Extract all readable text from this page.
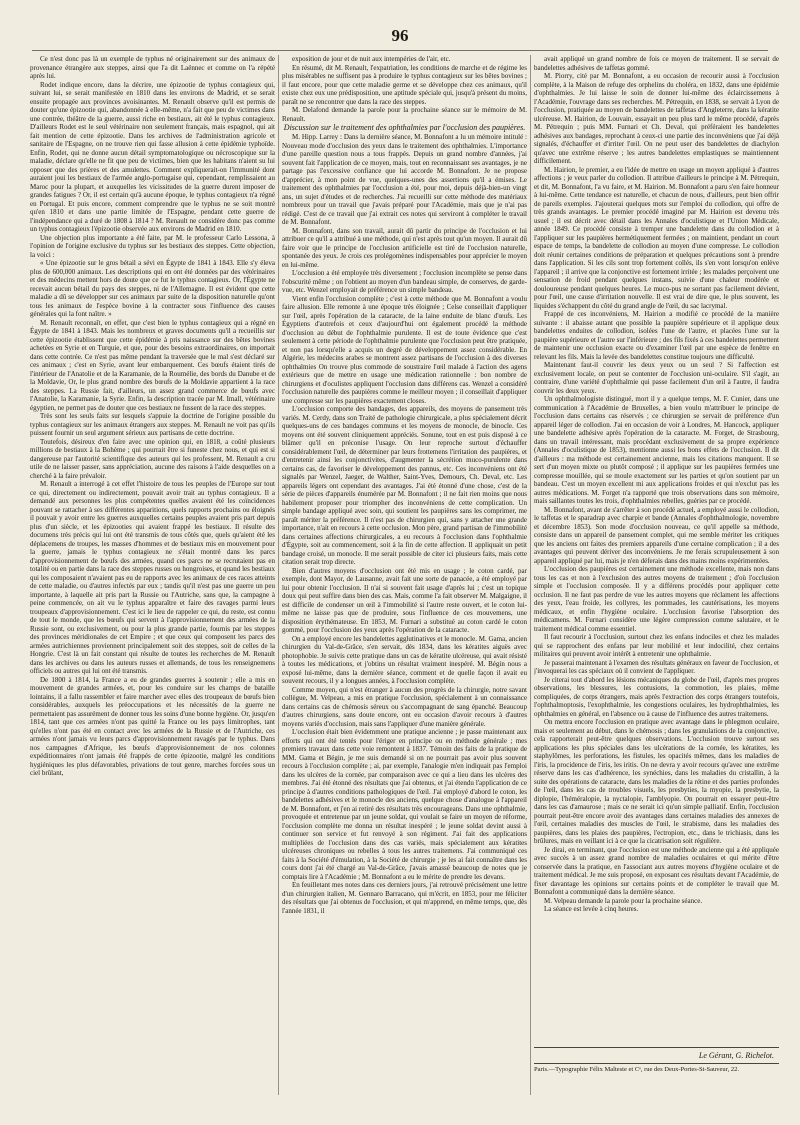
96

Ce n'est donc pas là un exemple de typhus né originairement sur des animaux de provenance étrangère aux steppes, ainsi que l'a dit Laënnec et comme on l'a répété après lui.

Rodet indique encore, dans la décrire, une épizootie de typhus contagieux qui, suivant lui, se serait manifestée en 1810 dans les environs de Madrid, et se serait ensuite propagée aux provinces avoisinantes. M. Renault observe qu'il est permis de douter qu'une épizootie qui, abandonnée à elle-même, n'a fait que peu de victimes dans une contrée, théâtre de la guerre, aussi riche en bestiaux, ait été le typhus contagieux. D'ailleurs Rodet est le seul vétérinaire non seulement français, mais espagnol, qui ait fait mention de cette épizootie. Dans les archives de l'administration agricole et sanitaire de l'Espagne, on ne trouve rien qui fasse allusion à cette épidémie typhoïde. Enfin, Rodet, qui ne donne aucun détail symptomatologique ou nécroscopique sur la maladie, déclare qu'elle ne fit que peu de victimes, bien que les habitans n'aient su lui opposer que des prières et des amulettes. Comment expliquerait-on l'immunité dont auraient joui les bestiaux de l'armée anglo-portugaise qui, cependant, remplissaient au Maroc pour la plupart, et auxquelles les vicissitudes de la guerre durent imposer de grandes fatigues ? Or, il est certain qu'à aucune époque, le typhus contagieux n'a régné en Portugal. Et puis encore, comment comprendre que le typhus ne se soit montré qu'en 1810 et dans une partie limitée de l'Espagne, pendant cette guerre de l'indépendance qui a duré de 1808 à 1814 ? M. Renault ne considère donc pas comme un typhus contagieux l'épizootie observée aux environs de Madrid en 1810.

Une objection plus importante a été faite, par M. le professeur Carlo Lessona, à l'opinion de l'origine exclusive du typhus sur les bestiaux des steppes. Cette objection, la voici :

« Une épizootie sur le gros bétail a sévi en Égypte de 1841 à 1843. Elle s'y éleva plus de 600,000 animaux. Les descriptions qui en ont été données par des vétérinaires et des médecins mettent hors de doute que ce fut le typhus contagieux. Or, l'Égypte ne recevait aucun bétail du pays des steppes, ni de l'Allemagne. Il est évident que cette maladie a dû se développer sur ces animaux par suite de la disposition naturelle qu'ont tous les animaux de l'espèce bovine à la contracter sous l'influence des causes générales qui la font naître. »

M. Renault reconnaît, en effet, que c'est bien le typhus contagieux qui a régné en Égypte de 1841 à 1843. Mais les nombreux et graves documents qu'il a recueillis sur cette épizootie établissent que cette épidémie à pris naissance sur des bêtes bovines achetées en Syrie et en Turquie, et que, pour des besoins extraordinaires, on importait dans cette contrée. Ce n'est pas même pendant la traversée que le mal s'est déclaré sur ces animaux ; c'est en Syrie, avant leur embarquement. Ces bœufs étaient tirés de l'intérieur de l'Anatolie et de la Karamanie, de la Roumélie, des bords du Danube et de la Moldavie, Or, le plus grand nombre des bœufs de la Moldavie appartient à la race des steppes. La Russie fait, d'ailleurs, un assez grand commerce de bœufs avec l'Anatolie, la Karamanie, la Syrie. Enfin, la description tracée par M. Imall, vétérinaire égyptien, ne permet pas de douter que ces bestiaux ne fussent de la race des steppes.

Très sont les seuls faits sur lesquels s'appuie la doctrine de l'origine possible du typhus contagieux sur les animaux étrangers aux steppes. M. Renault ne voit pas qu'ils puissent fournir un seul argument sérieux aux partisans de cette doctrine.

Toutefois, désireux d'en faire avec une opinion qui, en 1818, a coûté plusieurs millions de bestiaux à la Bohème ; qui pourrait être si funeste chez nous, et qui est si dangereuse par l'autorité scientifique des auteurs qui les professent, M. Renault a cru utile de ne laisser passer, sans appréciation, aucune des raisons à l'aide desquelles on a cherché à la faire prévaloir.

M. Renault a interrogé à cet effet l'histoire de tous les peuples de l'Europe sur tout ce qui, directement ou indirectement, pouvait avoir trait au typhus contagieux. Il a demandé aux personnes les plus compétentes quelles avaient été les coïncidences pouvant se rattacher à ses différentes apparitions, quels rapports prochains ou éloignés il pouvait y avoir entre les guerres auxquelles certains peuples avaient pris part depuis plus d'un siècle, et les épizooties qui avaient frappé les bestiaux. Il résulte des documens très précis qui lui ont été transmis de tous côtés que, quels qu'aient été les déplacemens de troupes, les masses d'hommes et de bestiaux mis en mouvement pour la guerre, jamais le typhus contagieux ne s'était montré dans les parcs d'approvisionnement de bœufs des armées, quand ces parcs ne se recrutaient pas en totalité ou en partie dans la race des steppes russes ou hongroises, et quand les bestiaux qui les composaient n'avaient pas eu de rapports avec les animaux de ces races atteints de cette maladie, ou d'autres infectés par eux ; tandis qu'il n'est pas une guerre un peu importante, à laquelle ait pris part la Russie ou l'Autriche, sans que, la campagne à peine commencée, on ait vu le typhus apparaître et faire des ravages parmi leurs troupeaux d'approvisionnement. C'est ici le lieu de rappeler ce qui, du reste, est connu de tout le monde, que les bœufs qui servent à l'approvisionnement des armées de la Russie sont, ou exclusivement, ou pour la plus grande partie, fournis par les steppes des provinces méridionales de cet Empire ; et que ceux qui composent les parcs des armées autrichiennes proviennent principalement soit des steppes, soit de celles de la Hongrie. C'est là un fait constant qui résulte de toutes les recherches de M. Renault dans les archives ou dans les auteurs russes et allemands, de tous les renseignemens officiels ou autres qui lui ont été transmis.

De 1800 à 1814, la France a eu de grandes guerres à soutenir ; elle a mis en mouvement de grandes armées, et, pour les conduire sur les champs de bataille lointains, il a fallu rassembler et faire marcher avec elles des troupeaux de bœufs bien considérables, auxquels les préoccupations et les nécessités de la guerre ne permettaient pas assurément de donner tous les soins d'une bonne hygiène. Or, jusqu'en 1814, tant que ces armées n'ont pas quitté la France ou les pays limitrophes, tant qu'elles n'ont pas été en contact avec les armées de la Russie et de l'Autriche, ces armées n'ont jamais vu leurs parcs d'approvisionnement ravagés par le typhus. Dans nos campagnes d'Afrique, les bœufs d'approvisionnement de nos colonnes expéditionnaires n'ont jamais été frappés de cette épizootie, malgré les conditions hygiéniques les plus défavorables, privations de tout genre, marches forcées sous un ciel brûlant,

exposition de jour et de nuit aux intempéries de l'air, etc.

En résumé, dit M. Renault, l'expatriation, les conditions de marche et de régime les plus misérables ne suffisent pas à produire le typhus contagieux sur les bêtes bovines ; il faut encore, pour que cette maladie germe et se développe chez ces animaux, qu'il existe chez eux une prédisposition, une aptitude spéciale qui, jusqu'à présent du moins, paraît ne se rencontrer que dans la race des steppes.

M. Delafond demande la parole pour la prochaine séance sur le mémoire de M. Renault.

Discussion sur le traitement des ophthalmies par l'occlusion des paupières.

M. Hipp. Larrey : Dans la dernière séance, M. Bonnafont a lu un mémoire intitulé : Nouveau mode d'occlusion des yeux dans le traitement des ophthalmies. L'importance d'une pareille question nous a tous frappés. Depuis un grand nombre d'années, j'ai souvent fait l'application de ce moyen, mais, tout en reconnaissant ses avantages, je ne partage pas l'excessive confiance que lui accorde M. Bonnafont. Je ne propose d'apprécier, à mon point de vue, quelques-unes des assertions qu'il a émises. Le traitement des ophthalmies par l'occlusion a été, pour moi, depuis déjà-bien-un vingt ans, un sujet d'études et de recherches. J'ai recueilli sur cette méthode des matériaux nombreux pour un travail que j'avais préparé pour l'Académie, mais que je n'ai pas rédigé. C'est de ce travail que j'ai extrait ces notes qui serviront à compléter le travail de M. Bonnafont.

M. Bonnafont, dans son travail, aurait dû partir du principe de l'occlusion et lui attribuer ce qu'il a attribué à une méthode, qui n'est après tout qu'un moyen. Il aurait dû faire voir que le principe de l'occlusion artificielle est tiré de l'occlusion naturelle, spontanée des yeux. Je crois ces prolégomènes indispensables pour apprécier le moyen en lui-même.

L'occlusion a été employée très diversement ; l'occlusion incomplète se pense dans l'obscurité même ; on l'obtient au moyen d'un bandeau simple, de conserves, de garde-vue, etc. Wenzel employait de préférence un simple bandeau.

Vient enfin l'occlusion complète ; c'est à cette méthode que M. Bonnafont a voulu faire allusion. Elle remonte à une époque très éloignée ; Celse conseillait d'appliquer sur l'œil, après l'opération de la cataracte, de la laine enduite de blanc d'œufs. Les Égyptiens d'autrefois et ceux d'aujourd'hui ont également procédé la méthode d'occlusion au début de l'ophthalmie purulente. Il est de toute évidence que c'est seulement à cette période de l'ophthalmie purulente que l'occlusion peut être pratiquée, et non pas lorsqu'elle a acquis un degré de développement assez considérable. En Algérie, les médecins arabes se montrent assez partisans de l'occlusion à des diverses ophthalmies On trouve plus commode de soustraire l'œil malade à l'action des agens extérieurs que de mettre en usage une médication rationnelle : bon nombre de chirurgiens et d'oculistes appliquent l'occlusion dans différens cas. Wenzel a considéré l'occlusion naturelle des paupières comme le meilleur moyen ; il conseillait d'appliquer une compresse sur les paupières exactement closes.

L'occlusion comporte des bandages, des appareils, des moyens de pansement très variés. M. Cerdy, dans son Traité de pathologie chirurgicale, a plus spécialement décrit quelques-uns de ces bandages communs et les moyens de monocle, de binocle. Ces moyens ont été souvent cliniquement appréciés. Sonune, tout en est puis disposé à ce blâmer qu'il en préconise l'usage. On leur reproche surtout d'échauffer considérablement l'œil, de déterminer par leurs frottemens l'irritation des paupières, et d'entretenir ainsi les conjonctivites, d'augmenter la sécrétion muco-purulente dans certains cas, de favoriser le développement des pannus, etc. Ces inconvéniens ont été signalés par Wenzel, Jaeger, de Walther, Saint-Yves, Demours, Ch. Deval, etc. Les appareils légers ont cependant des avantages. J'ai été étonné d'une chose, c'est de la série de pièces d'appareils énumérée par M. Bonnafont ; il ne fait rien moins que nous habilement proposer pour triompher des inconvéniens de cette complication. Un simple bandage appliqué avec soin, qui soutient les paupières sans les comprimer, me paraît mériter la préférence. Il n'est pas de chirurgien qui, sans y attacher une grande importance, n'ait en recours à cette occlusion. Mon père, grand partisan de l'immobilité dans certaines affections chirurgicales, a eu recours à l'occlusion dans l'ophthalmie d'Égypte, soit au commencement, soit à la fin de cette affection. Il appliquait un petit bandage croisé, un monocle. Il me serait possible de citer ici plusieurs faits, mais cette citation serait trop directe.

Bien d'autres moyens d'occlusion ont été mis en usage ; le coton cardé, par exemple, dont Mayor, de Lausanne, avait fait une sorte de panacée, a été employé par lui pour obtenir l'occlusion. Il n'ai si souvent fait usage d'après lui ; c'est un topique doux qui peut suffire dans bien des cas. Mais, comme l'a fait observer M. Malgaigne, il est difficile de condenser un œil à l'immobilité si l'autre reste ouvert, et le coton lui-même ne laisse pas que de produire, sous l'influence de ces mouvemens, une disposition érythémateuse. En 1853, M. Furnari a substitué au coton cardé le coton gommé, pour l'occlusion des yeux après l'opération de la cataracte.

On a employé encore les bandelettes agglutinatives et le monocle. M. Gama, ancien chirurgien du Val-de-Grâce, s'en servait, dès 1834, dans les kératites aiguës avec photophobie. Je suivis cette pratique dans un cas de kératite ulcéreuse, qui avait résisté à toutes les médications, et j'obtins un résultat vraiment inespéré. M. Bégin nous a exposé lui-même, dans la dernière séance, comment et de quelle façon il avait eu souvent recours, il y a longues années, à l'occlusion complète.

Comme moyen, qui n'est étranger à aucun des progrès de la chirurgie, notre savant collègue, M. Velpeau, a mis en pratique l'occlusion, spécialement à un connaissance dans certains cas de chémosis séreux ou s'accompagnant de sang épanché. Beaucoup d'autres chirurgiens, sans doute encore, ont eu occasion d'avoir recours à d'autres moyens variés d'occlusion, mais sans l'appliquer d'une manière générale.

L'occlusion était bien évidemment une pratique ancienne ; je passe maintenant aux efforts qui ont été tentés pour l'ériger en principe ou en méthode générale ; mes premiers travaux dans cette voie remontent à 1837. Témoin des faits de la pratique de MM. Gama et Bégin, je me suis demandé si on ne pourrait pas avoir plus souvent recours à l'occlusion complète ; ai, par exemple, l'analogie m'en indiquait pas l'emploi dans les ulcères de la cornée, par comparaison avec ce qui a lieu dans les ulcères des membres. J'ai été étonné des résultats que j'ai obtenus, et j'ai étendu l'application de ce principe à d'autres conditions pathologiques de l'œil. J'ai employé d'abord le coton, les bandelettes adhésives et le monocle des anciens, quelque chose d'analogue à l'appareil de M. Bonnafont, et j'en ai retiré des résultats très encourageans. Dans une ophthalmie, provoquée et entretenue par un jeune soldat, qui voulait se faire un moyen de réforme, l'occlusion complète me donna un résultat inespéré ; le jeune soldat devint aussi à continuer son service et fut renvoyé à son régiment. J'ai fait des applications multipliées de l'occlusion dans des cas variés, mais spécialement aux kératites ulcéreuses chroniques ou rebelles à tous les autres traitemens. J'ai communiqué ces faits à la Société d'émulation, à la Société de chirurgie ; je les ai fait connaître dans les cours dont j'ai été chargé au Val-de-Grâce, j'avais amassé beaucoup de notes que je comptais lire à l'Académie ; M. Bonnafont a eu le mérite de prendre les devans.

En feuilletant mes notes dans ces derniers jours, j'ai retrouvé précisément une lettre d'un chirurgien italien, M. Gennaro Barracano, qui m'écrit, en 1853, pour me féliciter des résultats que j'ai obtenus de l'occlusion, et qui m'apprend, en même temps, que, dès l'année 1831, il

avait appliqué un grand nombre de fois ce moyen de traitement. Il se servait de bandelettes adhésives de taffetas gommé.

M. Piorry, cité par M. Bonnafont, a eu occasion de recourir aussi à l'occlusion complète, à la Maison de refuge des orphelins du choléra, en 1832, dans une épidémie d'ophthalmies. Je lui laisse le soin de donner lui-même des éclaircissemens à l'Académie, l'ouvrage dans ses recherches. M. Pétrequin, en 1838, se servait à Lyon de l'occlusion, pratiquée au moyen de bandelettes de taffetas d'Angleterre, dans la kératite ulcéreuse. M. Hairion, de Louvain, essayait un peu plus tard le même procédé, d'après M. Pétrequin ; puis MM. Furnari et Ch. Deval, qui préféraient les bandelettes adhésives aux bandages, reprochant à ceux-ci une partie des inconvéniens que j'ai déjà signalés, d'échauffer et d'irriter l'œil. On ne peut user des bandelettes de diachylon qu'avec une extrême réserve ; les autres bandelettes emplastiques se maintiennent difficilement.

M. Hairion, le premier, a eu l'idée de mettre en usage un moyen appliqué à d'autres affections ; je veux parler du collodion. Il attribue d'ailleurs le principe à M. Pétrequin, et dit, M. Bonnafont, l'a vu faire, et M. Hairion. M. Bonnafont a paru s'en faire honneur à lui-même. Cette tendance est naturelle, et chacun de nous, d'ailleurs, peut bien offrir de pareils exemples. J'ajouterai quelques mots sur l'emploi du collodion, qui offre de très grands avantages. Le premier procédé imaginé par M. Hairion est devenu très usuel ; il est décrit avec détail dans les Annales d'oculistique et l'Union Médicale, année 1849. Ce procédé consiste à tremper une bandelette dans du collodion et à l'appliquer sur les paupières hermétiquement fermées ; on maintient, pendant un court espace de temps, la bandelette de collodion au moyen d'une compresse. Le collodion doit réunir certaines conditions de préparation et quelques précautions sont à prendre dans l'application. Si les cils sont trop fortement collés, ils s'en vont lorsqu'on enlève l'appareil ; il arrive que la conjonctive est fortement irritée ; les malades perçoivent une sensation de froid pendant quelques instans, suivie d'une chaleur modérée et douloureuse pendant quelques heures. Le muco-pus ne sortant pas facilement dévient, pour l'œil, une cause d'irritation nouvelle. Il est vrai de dire que, le plus souvent, les liquides s'échappent du côté du grand angle de l'œil, du sac lacrymal.

Frappé de ces inconvéniens, M. Hairion a modifié ce procédé de la manière suivante : il abaisse autant que possible la paupière supérieure et il applique deux bandelettes enduites de collodion, isolées l'une de l'autre, et placées l'une sur la paupière supérieure et l'autre sur l'inférieure ; des fils fixés à ces bandelettes permettent de maintenir une occlusion exacte ou d'examiner l'œil par une espèce de fenêtre en relevant les fils. Mais la levée des bandelettes constitue toujours une difficulté.

Maintenant faut-il couvrir les deux yeux ou un seul ? Si l'affection est exclusivement locale, on peut se contenter de l'occlusion uni-oculaire. S'il s'agit, au contraire, d'une variété d'ophthalmie qui passe facilement d'un œil à l'autre, il faudra couvrir les deux yeux.

Un ophthalmologiste distingué, mort il y a quelque temps, M. F. Cunier, dans une communication à l'Académie de Bruxelles, a bien voulu m'attribuer le principe de l'occlusion dans certains cas réservés ; ce chirurgien se servait de préférence d'un appareil léger de collodion. J'ai en occasion de voir à Londres, M. Hancock, appliquer une bandelette adhésive après l'opération de la cataracte. M. Forget, de Strasbourg, dans un travail intéressant, mais procédant exclusivement de sa propre expérience (Annales d'oculistique de 1853), mentionne aussi les bons effets de l'occlusion. Il dit d'ailleurs : ma méthode est certainement ancienne, mais les citations manquent. Il se sert d'un moyen mixte ou plutôt composé ; il applique sur les paupières fermées une compresse mouillée, qui se moule exactement sur les parties et qu'on soutient par un bandeau. C'est un moyen excellent mi aux applications froides et qui n'exclut pas les autres médications. M. Forget n'a rapporté que trois observations dans son mémoire, mais saillantes toutes les trois, d'ophthalmies rebelles, guéries par ce procédé.

M. Bonnafont, avant de s'arrêter à son procédé actuel, a employé aussi le collodion, le taffetas et le sparadrap avec charpie et bande (Annales d'ophthalmologie, novembre et décembre 1853). Son mode d'occlusion nouveau, ce qu'il appelle sa méthode, consiste dans un appareil de pansement complet, qui me semble mériter les critiques que les anciens ont faites des premiers appareils d'une certaine complication ; il a des avantages qui peuvent dériver des inconvéniens. Je me ferais scrupuleusement à son appareil appliqué par lui, mais je n'en déferais dans des mains moins expérimentées.

L'occlusion des paupières est certainement une méthode excellente, mais non dans tous les cas et non à l'exclusion des autres moyens de traitement ; d'où l'occlusion simple et l'occlusion composée. Il y a différens procédés pour appliquer cette occlusion. Il ne faut pas perdre de vue les autres moyens que réclament les affections des yeux, l'eau froide, les collyres, les pommades, les cautérisations, les moyens médicaux, et enfin l'hygiène oculaire. L'occlusion favorise l'absorption des médicamens. M. Furnari considère une légère compression comme salutaire, et le traitement médical comme essentiel.

Il faut recourir à l'occlusion, surtout chez les enfans indociles et chez les malades qui se rapprochent des enfans par leur mobilité et leur indocilité, chez certains militaires qui peuvent avoir intérêt à entretenir une ophthalmie.

Je passerai maintenant à l'examen des résultats généraux en faveur de l'occlusion, et j'invoquerai les cas spéciaux où il convient de l'appliquer.

Je citerai tout d'abord les lésions mécaniques du globe de l'œil, d'après mes propres observations, les blessures, les contusions, la commotion, les plaies, même compliquées, de corps étrangers, mais après l'extraction des corps étrangers toutefois, l'ophthalmoptosis, l'exophthalmie, les congestions oculaires, les hydrophthalmies, les ophthalmies en général, en l'absence ou à cause de l'influence des autres traitemens.

On mettra encore l'occlusion en pratique avec avantage dans le phlegmon oculaire, mais et seulement au début, dans le chémosis ; dans les granulations de la conjonctive, cela rapporterait peut-être quelques observations. L'occlusion trouve surtout ses applications les plus spéciales dans les ulcérations de la cornée, les kératites, les staphylômes, les perforations, les fistules, les opacités mêmes, dans les maladies de l'iris, la procidence de l'iris, les iritis. On ne devra y avoir recours qu'avec une extrême réserve dans les cas d'adhérence, les synéchies, dans les maladies du cristallin, à la suite des opérations de cataracte, dans les maladies de la rétine et des parties profondes de l'œil, dans les cas de troubles visuels, les presbyties, la myopie, la presbytie, la diplopie, l'héméralopie, la nyctalopie, l'amblyopie. On pourrait en essayer peut-être dans les cas d'amaurose ; mais ce ne serait ici qu'un simple palliatif. Enfin, l'occlusion pourrait peut-être encore avoir des avantages dans certaines maladies des annexes de l'œil, certaines maladies des muscles de l'œil, le strabisme, dans les maladies des paupières, dans les plaies des paupières, l'ectropion, etc., dans le trichiasis, dans les brûlures, mais en veillant ici à ce que la cicatrisation soit régulière.

Je dirai, en terminant, que l'occlusion est une méthode ancienne qui a été appliquée avec succès à un assez grand nombre de maladies oculaires et qui mérite d'être conservée dans la pratique, en l'associant aux autres moyens d'hygiène oculaire et de traitement médical. Je me suis proposé, en exposant ces résultats devant l'Académie, de fixer davantage les opinions sur certains points et de compléter le travail que M. Bonnafont a communiqué dans la dernière séance.

M. Velpeau demande la parole pour la prochaine séance.

La séance est levée à cinq heures.

Le Gérant, G. Richelot.
Paris.—Typographie Félix Malteste et Cᵉ, rue des Deux-Portes-St-Sauveur, 22.
